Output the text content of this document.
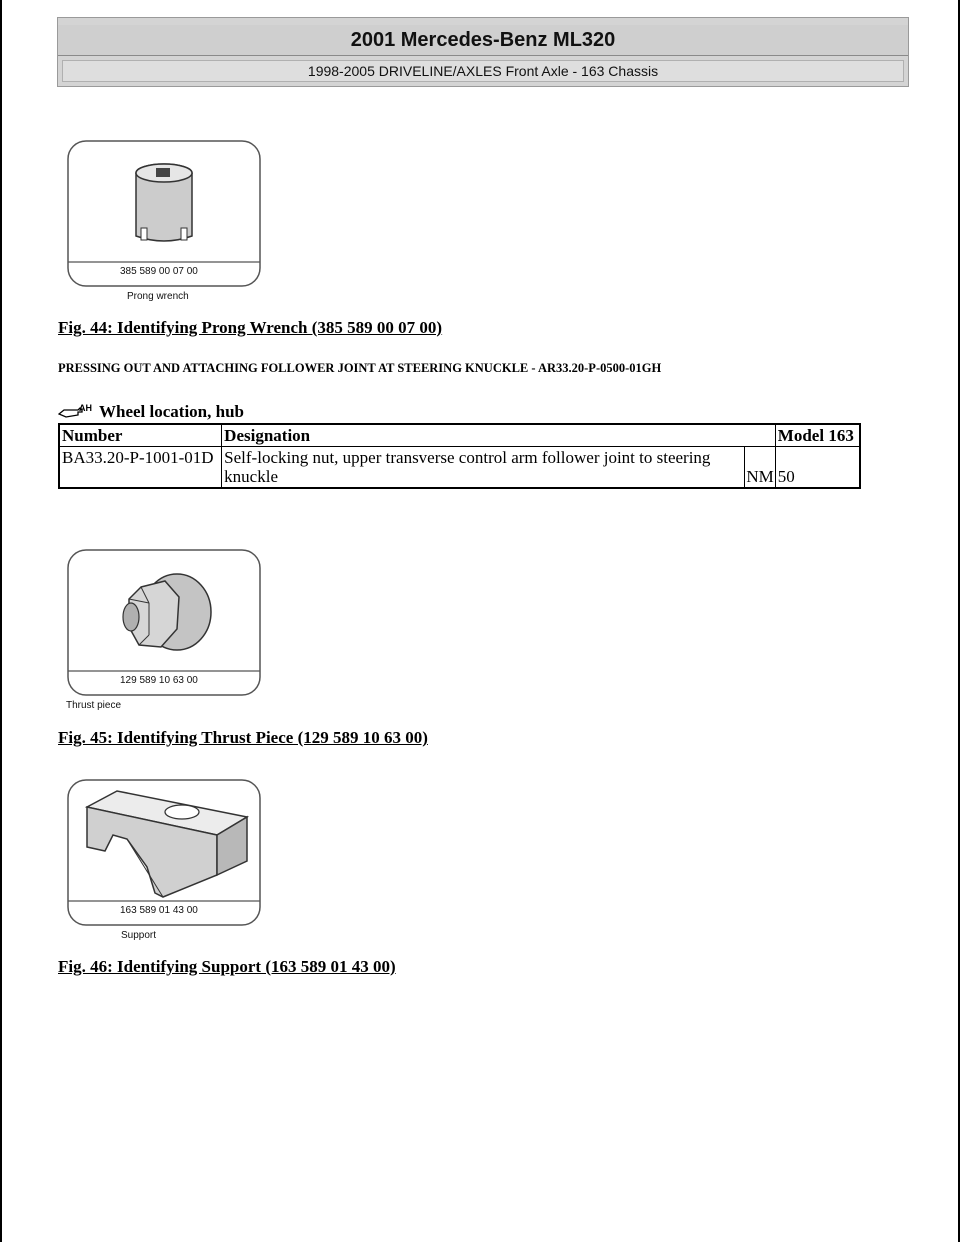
2001 Mercedes-Benz ML320
1998-2005 DRIVELINE/AXLES Front Axle - 163 Chassis
385 589 00 07 00
Prong wrench
Fig. 44: Identifying Prong Wrench (385 589 00 07 00)
PRESSING OUT AND ATTACHING FOLLOWER JOINT AT STEERING KNUCKLE - AR33.20-P-0500-01GH
AH Wheel location, hub
Number	Designation		Model 163
BA33.20-P-1001-01D	Self-locking nut, upper transverse control arm follower joint to steering knuckle	NM	50
129 589 10 63 00
Thrust piece
Fig. 45: Identifying Thrust Piece (129 589 10 63 00)
163 589 01 43 00
Support
Fig. 46: Identifying Support (163 589 01 43 00)
